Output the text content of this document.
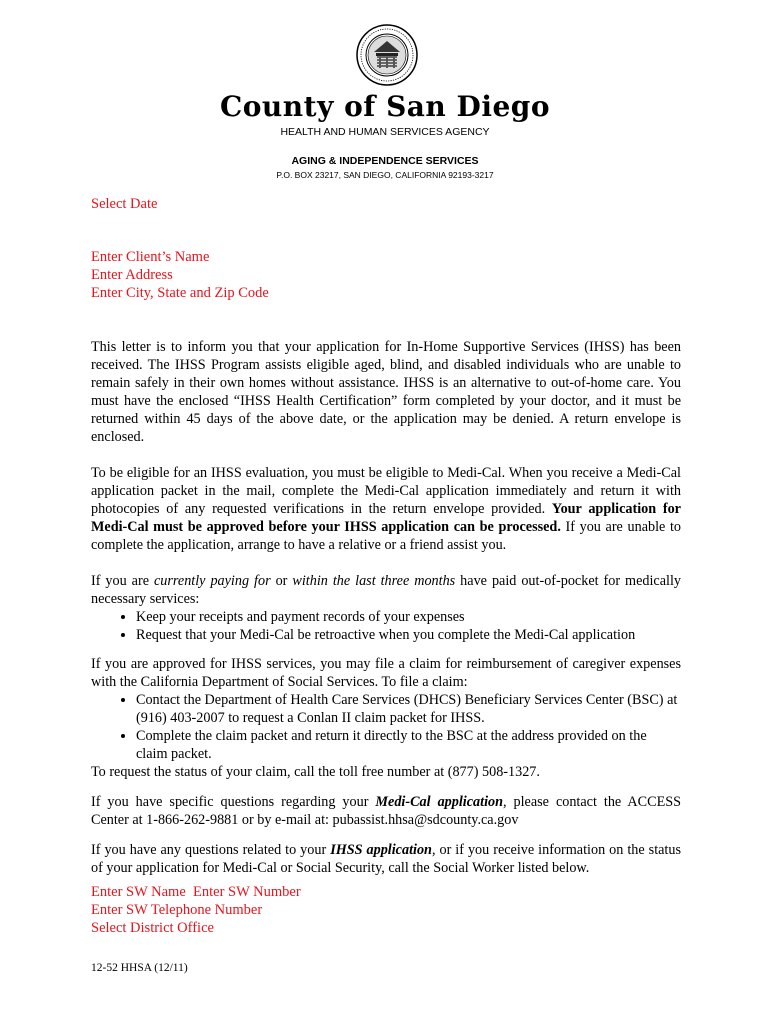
County of San Diego
HEALTH AND HUMAN SERVICES AGENCY
AGING & INDEPENDENCE SERVICES
P.O. BOX 23217, SAN DIEGO, CALIFORNIA 92193-3217
Select Date
Enter Client’s Name
Enter Address
Enter City, State and Zip Code

This letter is to inform you that your application for In-Home Supportive Services (IHSS) has been received. The IHSS Program assists eligible aged, blind, and disabled individuals who are unable to remain safely in their own homes without assistance. IHSS is an alternative to out-of-home care. You must have the enclosed “IHSS Health Certification” form completed by your doctor, and it must be returned within 45 days of the above date, or the application may be denied. A return envelope is enclosed.

To be eligible for an IHSS evaluation, you must be eligible to Medi-Cal. When you receive a Medi-Cal application packet in the mail, complete the Medi-Cal application immediately and return it with photocopies of any requested verifications in the return envelope provided. Your application for Medi-Cal must be approved before your IHSS application can be processed. If you are unable to complete the application, arrange to have a relative or a friend assist you.

If you are currently paying for or within the last three months have paid out-of-pocket for medically necessary services:

• Keep your receipts and payment records of your expenses
• Request that your Medi-Cal be retroactive when you complete the Medi-Cal application

If you are approved for IHSS services, you may file a claim for reimbursement of caregiver expenses with the California Department of Social Services. To file a claim:

• Contact the Department of Health Care Services (DHCS) Beneficiary Services Center (BSC) at (916) 403-2007 to request a Conlan II claim packet for IHSS.
• Complete the claim packet and return it directly to the BSC at the address provided on the claim packet.

To request the status of your claim, call the toll free number at (877) 508-1327.

If you have specific questions regarding your Medi-Cal application, please contact the ACCESS Center at 1-866-262-9881 or by e-mail at: pubassist.hhsa@sdcounty.ca.gov

If you have any questions related to your IHSS application, or if you receive information on the status of your application for Medi-Cal or Social Security, call the Social Worker listed below.

Enter SW Name Enter SW Number
Enter SW Telephone Number
Select District Office
12-52 HHSA (12/11)
